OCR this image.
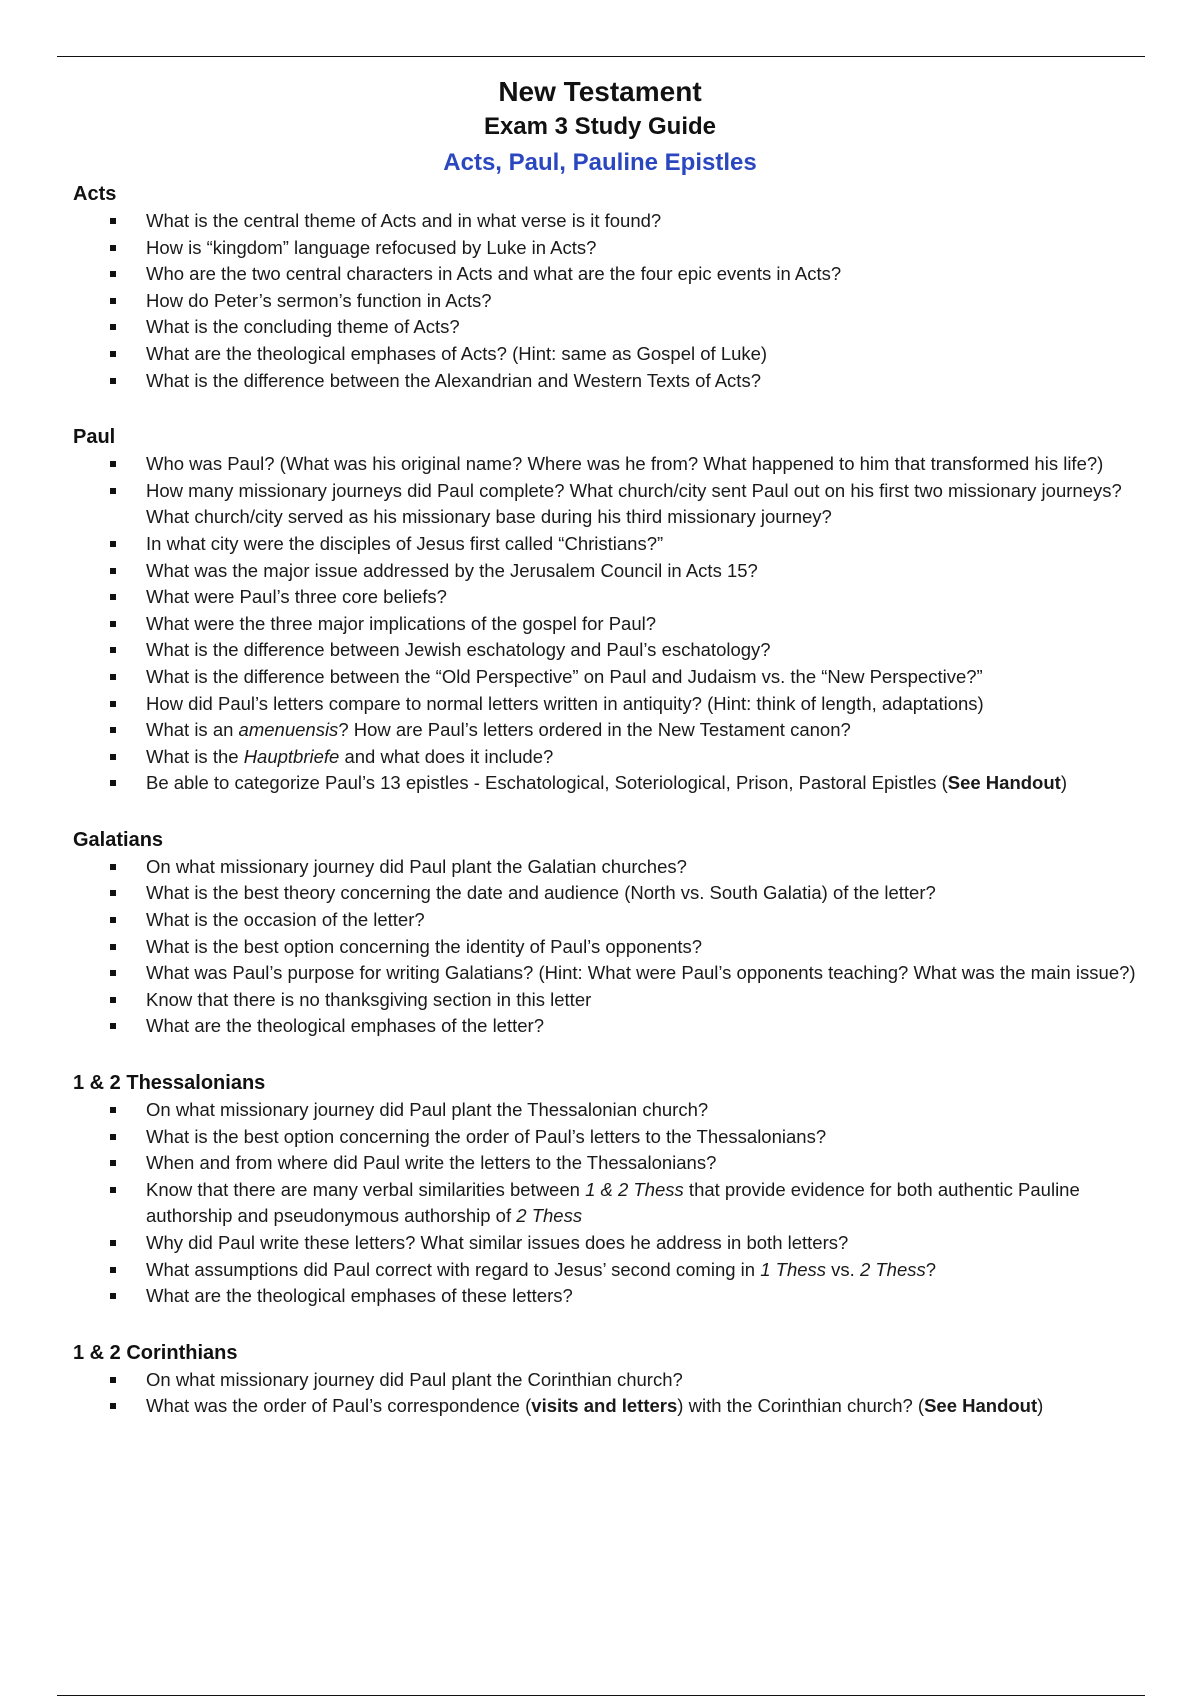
New Testament
Exam 3 Study Guide
Acts, Paul, Pauline Epistles
Acts
What is the central theme of Acts and in what verse is it found?
How is “kingdom” language refocused by Luke in Acts?
Who are the two central characters in Acts and what are the four epic events in Acts?
How do Peter’s sermon’s function in Acts?
What is the concluding theme of Acts?
What are the theological emphases of Acts? (Hint: same as Gospel of Luke)
What is the difference between the Alexandrian and Western Texts of Acts?
Paul
Who was Paul? (What was his original name? Where was he from? What happened to him that transformed his life?)
How many missionary journeys did Paul complete? What church/city sent Paul out on his first two missionary journeys? What church/city served as his missionary base during his third missionary journey?
In what city were the disciples of Jesus first called “Christians?”
What was the major issue addressed by the Jerusalem Council in Acts 15?
What were Paul’s three core beliefs?
What were the three major implications of the gospel for Paul?
What is the difference between Jewish eschatology and Paul’s eschatology?
What is the difference between the “Old Perspective” on Paul and Judaism vs. the “New Perspective?”
How did Paul’s letters compare to normal letters written in antiquity? (Hint: think of length, adaptations)
What is an amenuensis? How are Paul’s letters ordered in the New Testament canon?
What is the Hauptbriefe and what does it include?
Be able to categorize Paul’s 13 epistles - Eschatological, Soteriological, Prison, Pastoral Epistles (See Handout)
Galatians
On what missionary journey did Paul plant the Galatian churches?
What is the best theory concerning the date and audience (North vs. South Galatia) of the letter?
What is the occasion of the letter?
What is the best option concerning the identity of Paul’s opponents?
What was Paul’s purpose for writing Galatians? (Hint: What were Paul’s opponents teaching? What was the main issue?)
Know that there is no thanksgiving section in this letter
What are the theological emphases of the letter?
1 & 2 Thessalonians
On what missionary journey did Paul plant the Thessalonian church?
What is the best option concerning the order of Paul’s letters to the Thessalonians?
When and from where did Paul write the letters to the Thessalonians?
Know that there are many verbal similarities between 1 & 2 Thess that provide evidence for both authentic Pauline authorship and pseudonymous authorship of 2 Thess
Why did Paul write these letters? What similar issues does he address in both letters?
What assumptions did Paul correct with regard to Jesus’ second coming in 1 Thess vs. 2 Thess?
What are the theological emphases of these letters?
1 & 2 Corinthians
On what missionary journey did Paul plant the Corinthian church?
What was the order of Paul’s correspondence (visits and letters) with the Corinthian church? (See Handout)
